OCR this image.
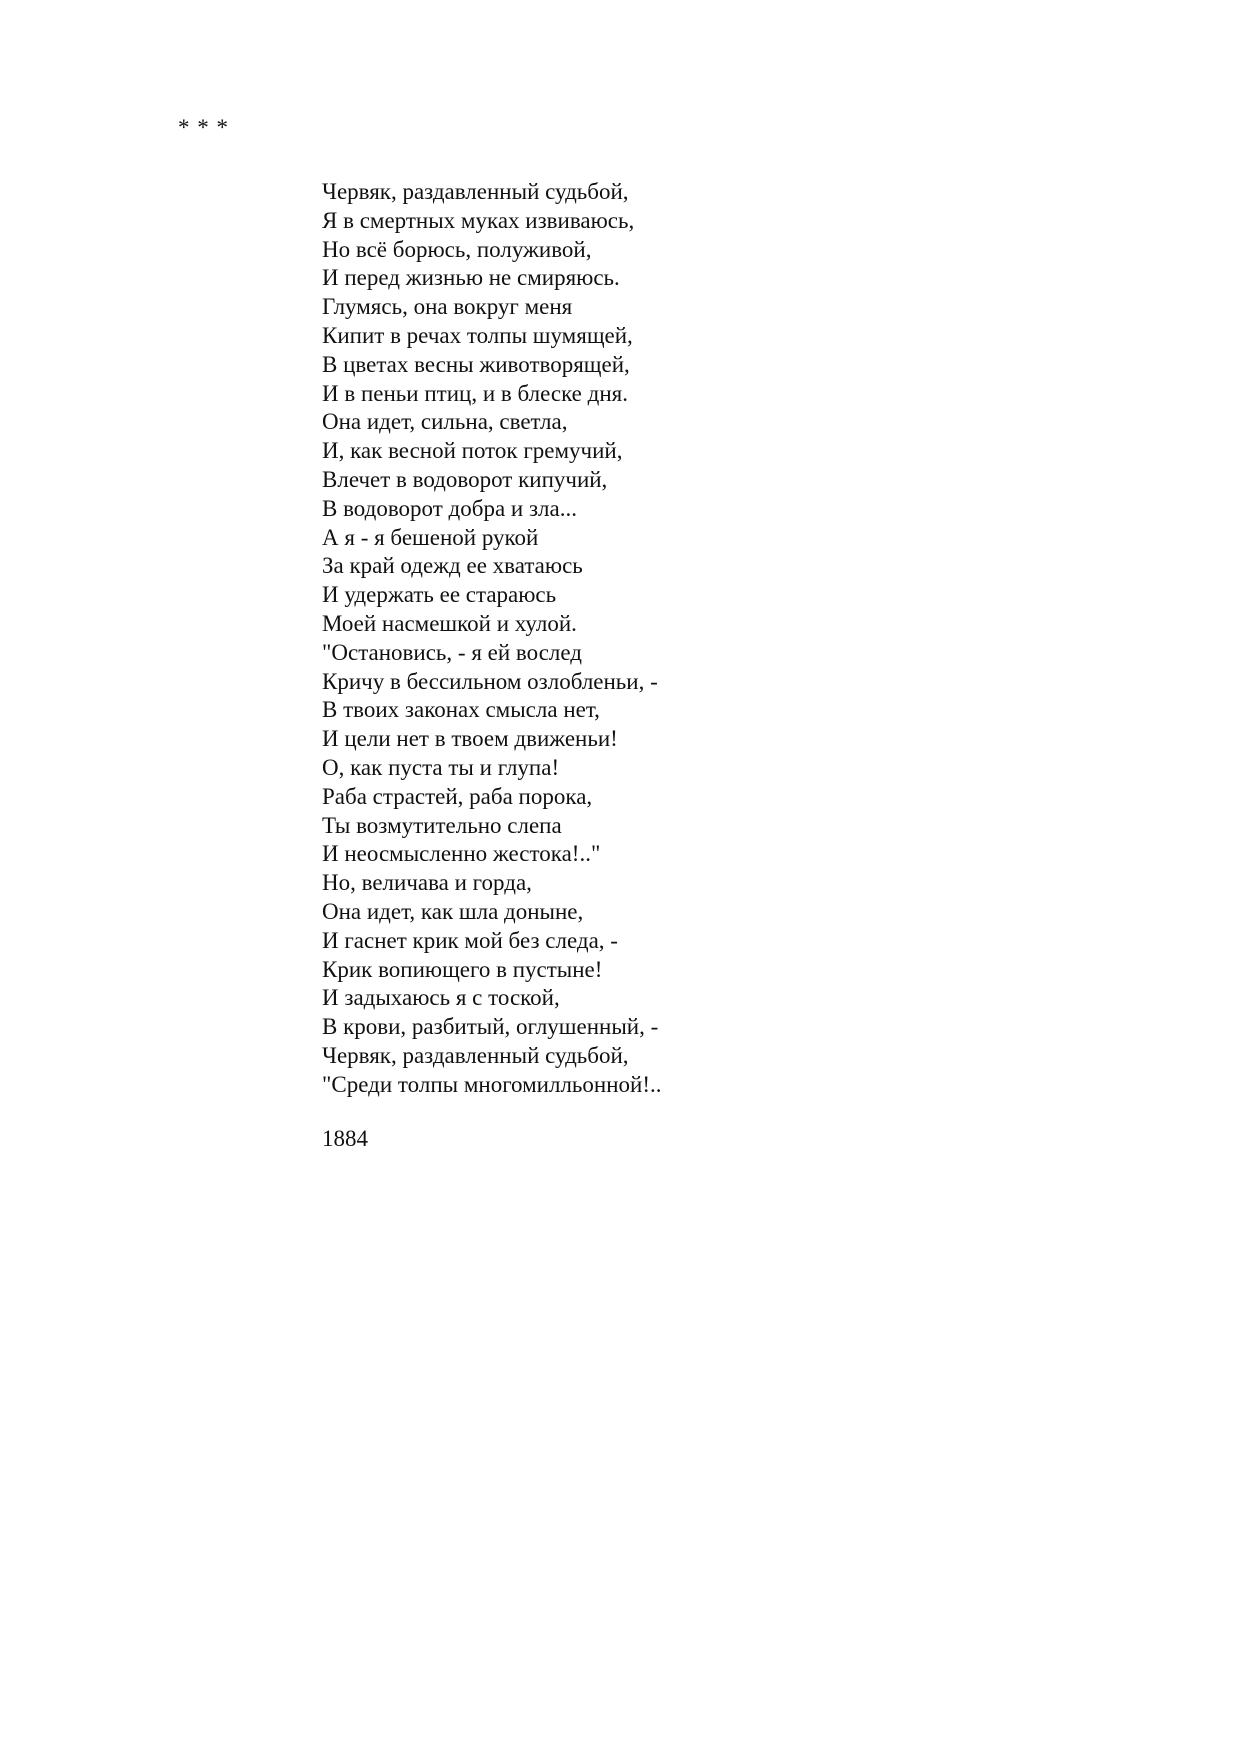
* * *
Червяк, раздавленный судьбой,
Я в смертных муках извиваюсь,
Но всё борюсь, полуживой,
И перед жизнью не смиряюсь.
Глумясь, она вокруг меня
Кипит в речах толпы шумящей,
В цветах весны животворящей,
И в пеньи птиц, и в блеске дня.
Она идет, сильна, светла,
И, как весной поток гремучий,
Влечет в водоворот кипучий,
В водоворот добра и зла...
А я - я бешеной рукой
За край одежд ее хватаюсь
И удержать ее стараюсь
Моей насмешкой и хулой.
"Остановись, - я ей вослед
Кричу в бессильном озлобленьи, -
В твоих законах смысла нет,
И цели нет в твоем движеньи!
О, как пуста ты и глупа!
Раба страстей, раба порока,
Ты возмутительно слепа
И неосмысленно жестока!.."
Но, величава и горда,
Она идет, как шла доныне,
И гаснет крик мой без следа, -
Крик вопиющего в пустыне!
И задыхаюсь я с тоской,
В крови, разбитый, оглушенный, -
Червяк, раздавленный судьбой,
"Среди толпы многомилльонной!..
1884
